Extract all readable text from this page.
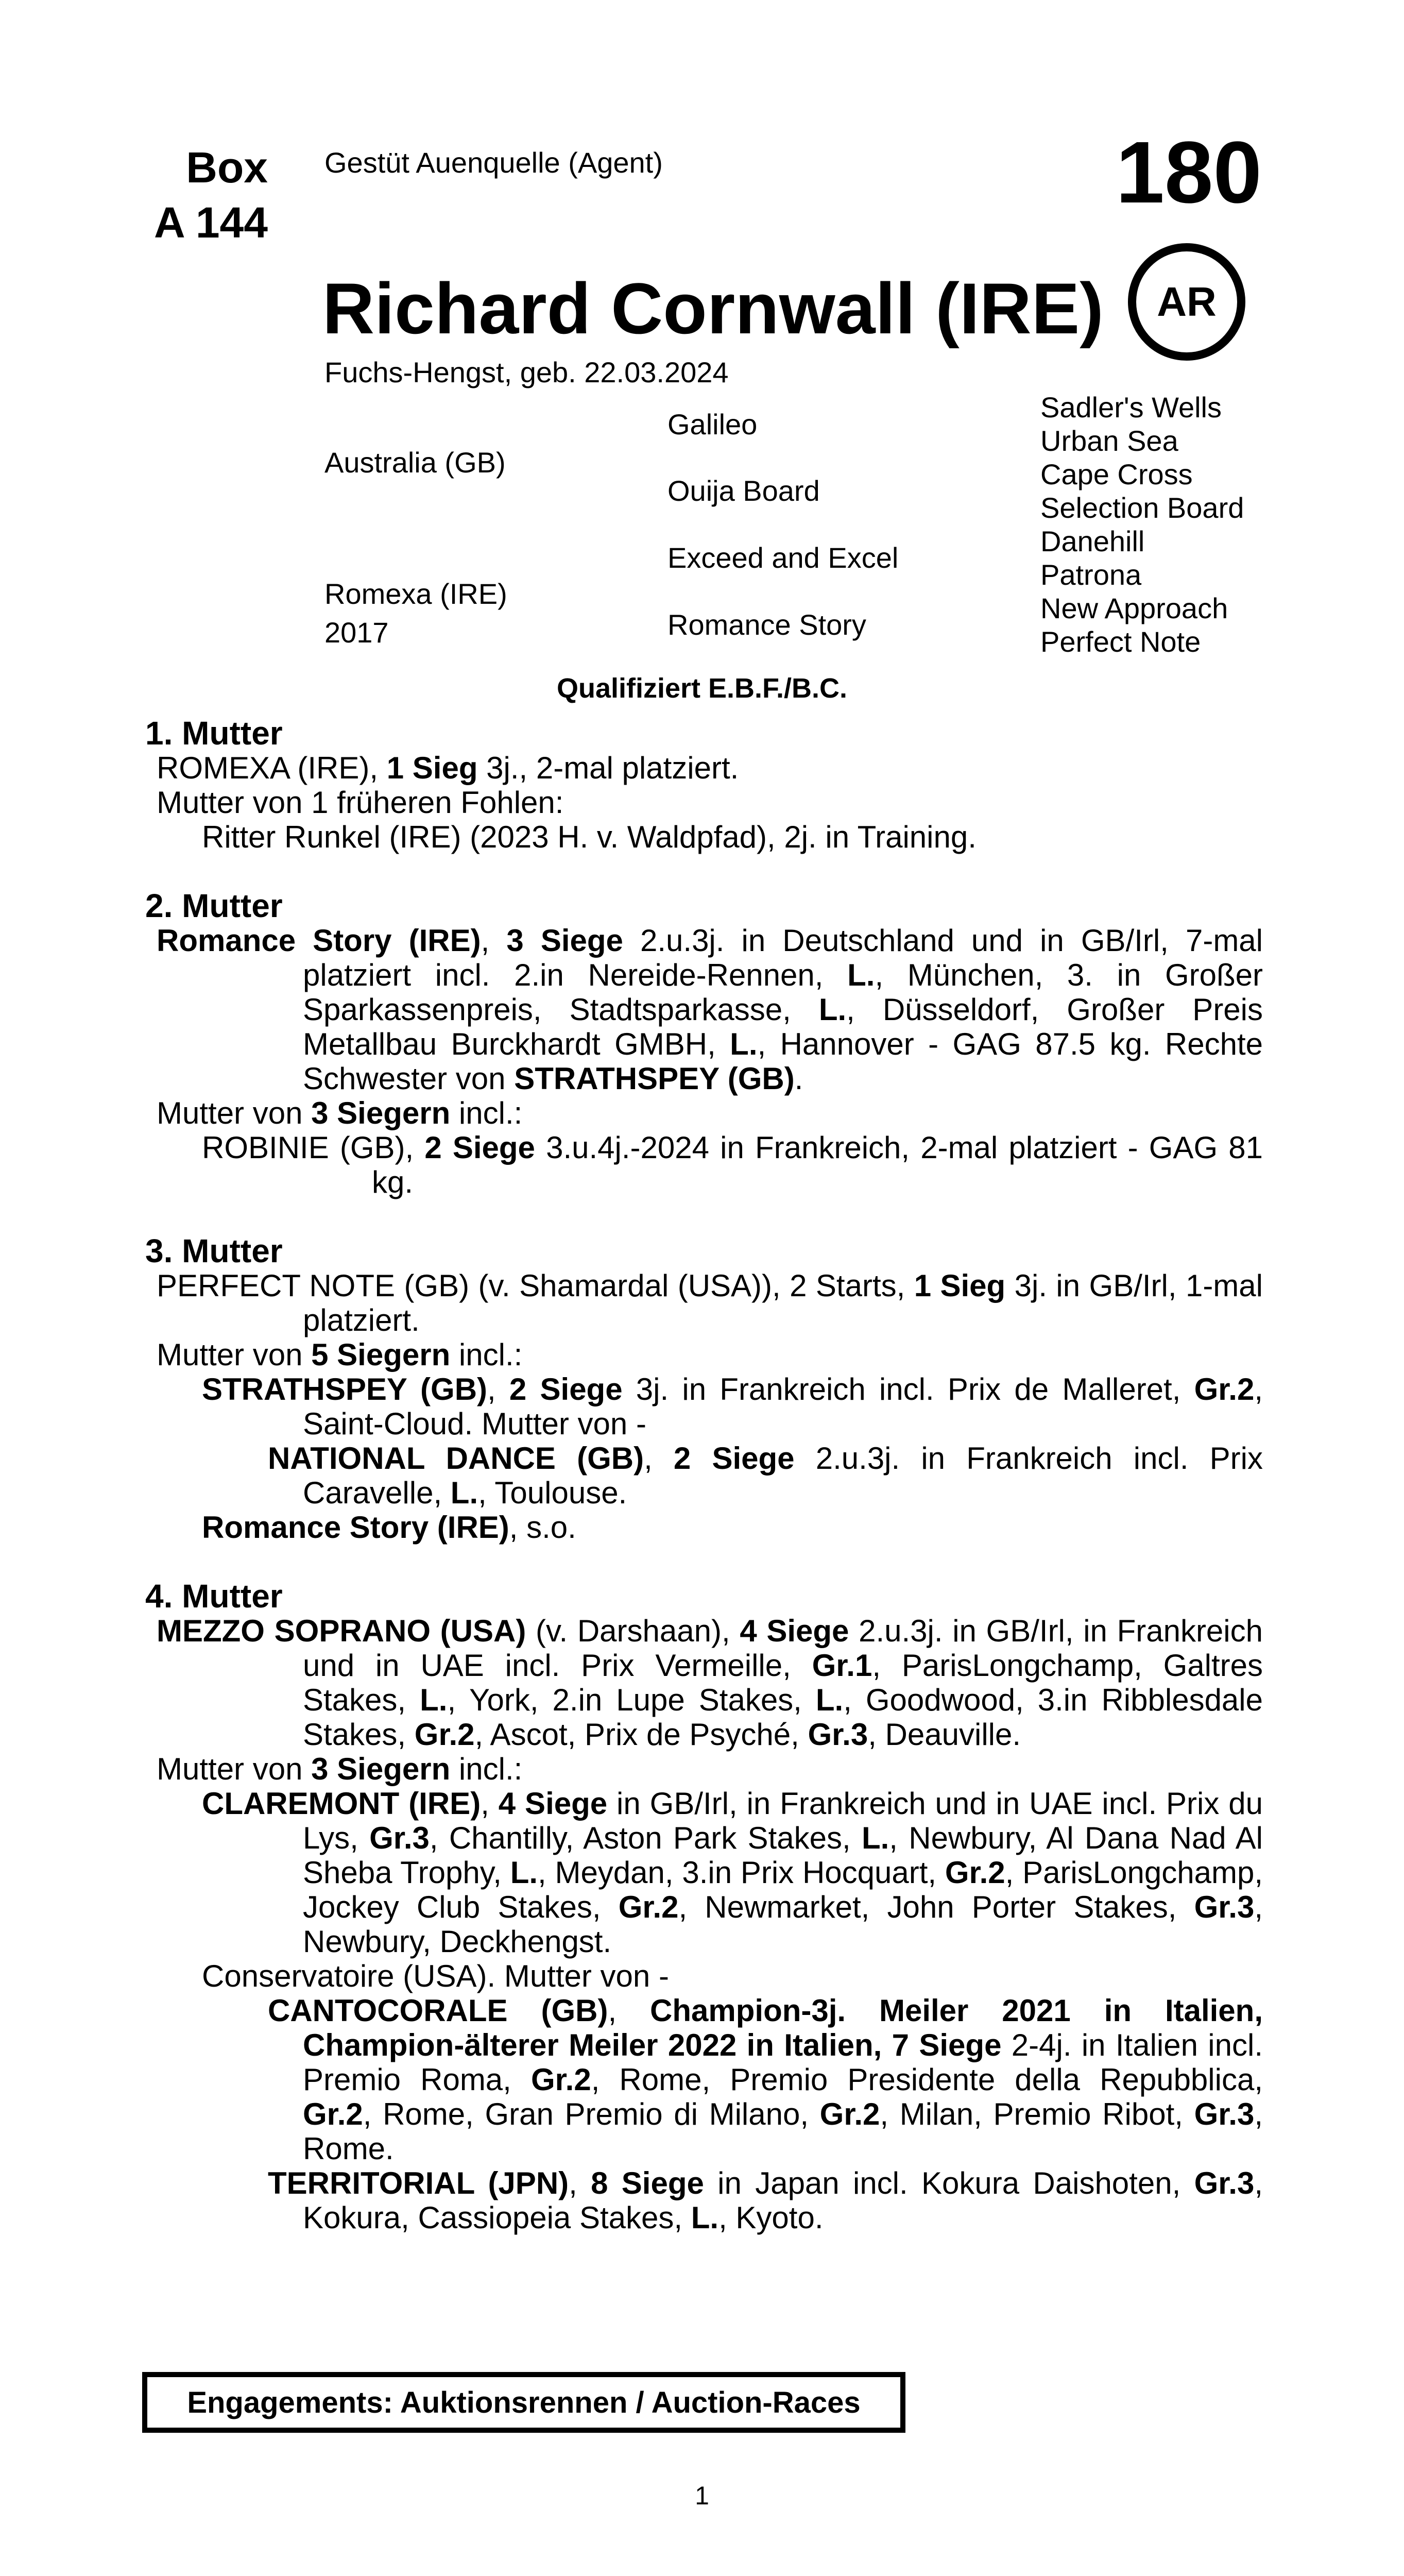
Box
A 144
Gestüt Auenquelle (Agent)	180
Richard Cornwall (IRE) AR
Fuchs-Hengst, geb. 22.03.2024
Australia (GB)
Romexa (IRE)
2017
Galileo
Ouija Board
Exceed and Excel
Romance Story
Sadler's Wells
Urban Sea
Cape Cross
Selection Board
Danehill
Patrona
New Approach
Perfect Note
Qualifiziert E.B.F./B.C.
1. Mutter
ROMEXA (IRE), 1 Sieg 3j., 2-mal platziert.
Mutter von 1 früheren Fohlen:
Ritter Runkel (IRE) (2023 H. v. Waldpfad), 2j. in Training.
2. Mutter
Romance Story (IRE), 3 Siege 2.u.3j. in Deutschland und in GB/Irl, 7-mal platziert incl. 2.in Nereide-Rennen, L., München, 3. in Großer Sparkassenpreis, Stadtsparkasse, L., Düsseldorf, Großer Preis Metallbau Burckhardt GMBH, L., Hannover - GAG 87.5 kg. Rechte Schwester von STRATHSPEY (GB).
Mutter von 3 Siegern incl.:
ROBINIE (GB), 2 Siege 3.u.4j.-2024 in Frankreich, 2-mal platziert - GAG 81 kg.
3. Mutter
PERFECT NOTE (GB) (v. Shamardal (USA)), 2 Starts, 1 Sieg 3j. in GB/Irl, 1-mal platziert.
Mutter von 5 Siegern incl.:
STRATHSPEY (GB), 2 Siege 3j. in Frankreich incl. Prix de Malleret, Gr.2, Saint-Cloud. Mutter von -
NATIONAL DANCE (GB), 2 Siege 2.u.3j. in Frankreich incl. Prix Caravelle, L., Toulouse.
Romance Story (IRE), s.o.
4. Mutter
MEZZO SOPRANO (USA) (v. Darshaan), 4 Siege 2.u.3j. in GB/Irl, in Frankreich und in UAE incl. Prix Vermeille, Gr.1, ParisLongchamp, Galtres Stakes, L., York, 2.in Lupe Stakes, L., Goodwood, 3.in Ribblesdale Stakes, Gr.2, Ascot, Prix de Psyché, Gr.3, Deauville.
Mutter von 3 Siegern incl.:
CLAREMONT (IRE), 4 Siege in GB/Irl, in Frankreich und in UAE incl. Prix du Lys, Gr.3, Chantilly, Aston Park Stakes, L., Newbury, Al Dana Nad Al Sheba Trophy, L., Meydan, 3.in Prix Hocquart, Gr.2, ParisLongchamp, Jockey Club Stakes, Gr.2, Newmarket, John Porter Stakes, Gr.3, Newbury, Deckhengst.
Conservatoire (USA). Mutter von -
CANTOCORALE (GB), Champion-3j. Meiler 2021 in Italien, Champion-älterer Meiler 2022 in Italien, 7 Siege 2-4j. in Italien incl. Premio Roma, Gr.2, Rome, Premio Presidente della Repubblica, Gr.2, Rome, Gran Premio di Milano, Gr.2, Milan, Premio Ribot, Gr.3, Rome.
TERRITORIAL (JPN), 8 Siege in Japan incl. Kokura Daishoten, Gr.3, Kokura, Cassiopeia Stakes, L., Kyoto.
Engagements: Auktionsrennen / Auction-Races
1
